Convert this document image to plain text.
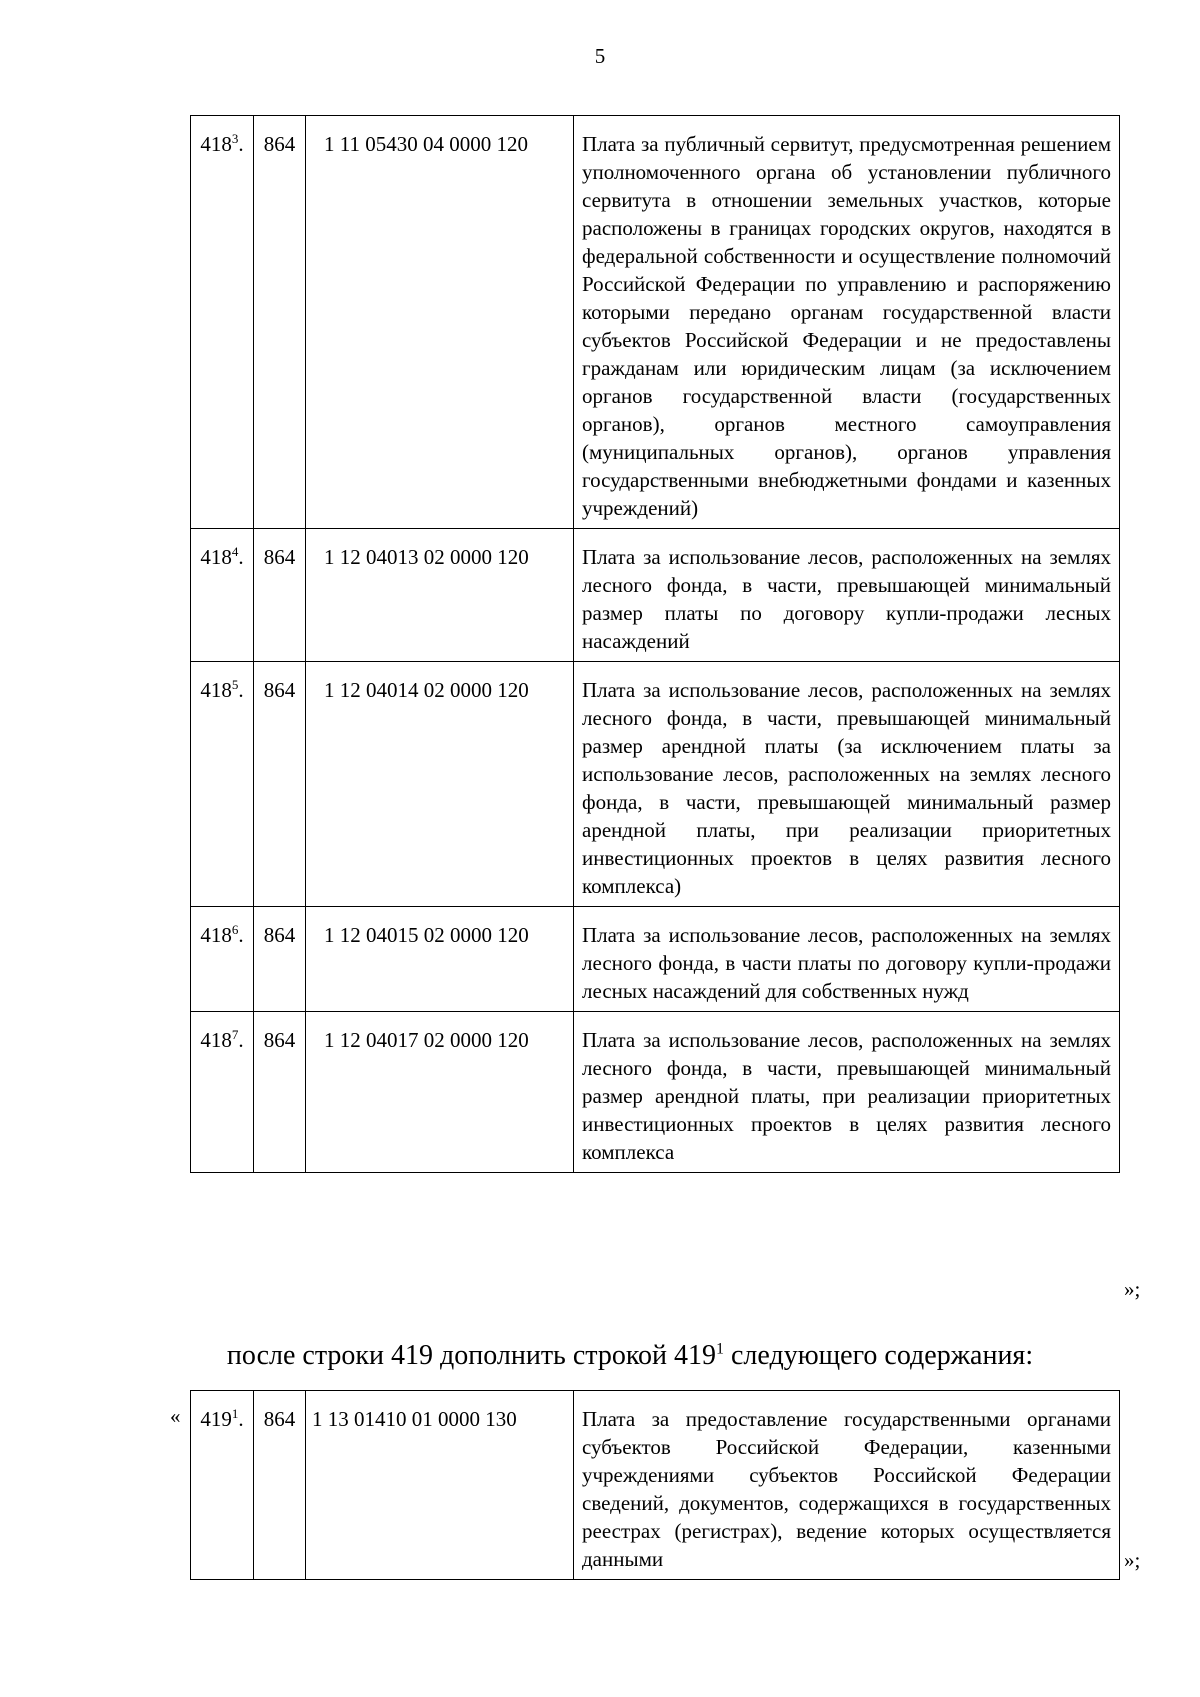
5
$418^3$.	864	1 11 05430 04 0000 120	Плата за публичный сервитут, предусмотренная решением уполномоченного органа об установлении публичного сервитута в отношении земельных участков, которые расположены в границах городских округов, находятся в федеральной собственности и осуществление полномочий Российской Федерации по управлению и распоряжению которыми передано органам государственной власти субъектов Российской Федерации и не предоставлены гражданам или юридическим лицам (за исключением органов государственной власти (государственных органов), органов местного самоуправления (муниципальных органов), органов управления государственными внебюджетными фондами и казенных учреждений)
$418^4$.	864	1 12 04013 02 0000 120	Плата за использование лесов, расположенных на землях лесного фонда, в части, превышающей минимальный размер платы по договору купли-продажи лесных насаждений
$418^5$.	864	1 12 04014 02 0000 120	Плата за использование лесов, расположенных на землях лесного фонда, в части, превышающей минимальный размер арендной платы (за исключением платы за использование лесов, расположенных на землях лесного фонда, в части, превышающей минимальный размер арендной платы, при реализации приоритетных инвестиционных проектов в целях развития лесного комплекса)
$418^6$.	864	1 12 04015 02 0000 120	Плата за использование лесов, расположенных на землях лесного фонда, в части платы по договору купли-продажи лесных насаждений для собственных нужд
$418^7$.	864	1 12 04017 02 0000 120	Плата за использование лесов, расположенных на землях лесного фонда, в части, превышающей минимальный размер арендной платы, при реализации приоритетных инвестиционных проектов в целях развития лесного комплекса
»;
после строки 419 дополнить строкой $419^1$ следующего содержания:
« $419^1$.	864	1 13 01410 01 0000 130	Плата за предоставление государственными органами субъектов Российской Федерации, казенными учреждениями субъектов Российской Федерации сведений, документов, содержащихся в государственных реестрах (регистрах), ведение которых осуществляется данными	»;
